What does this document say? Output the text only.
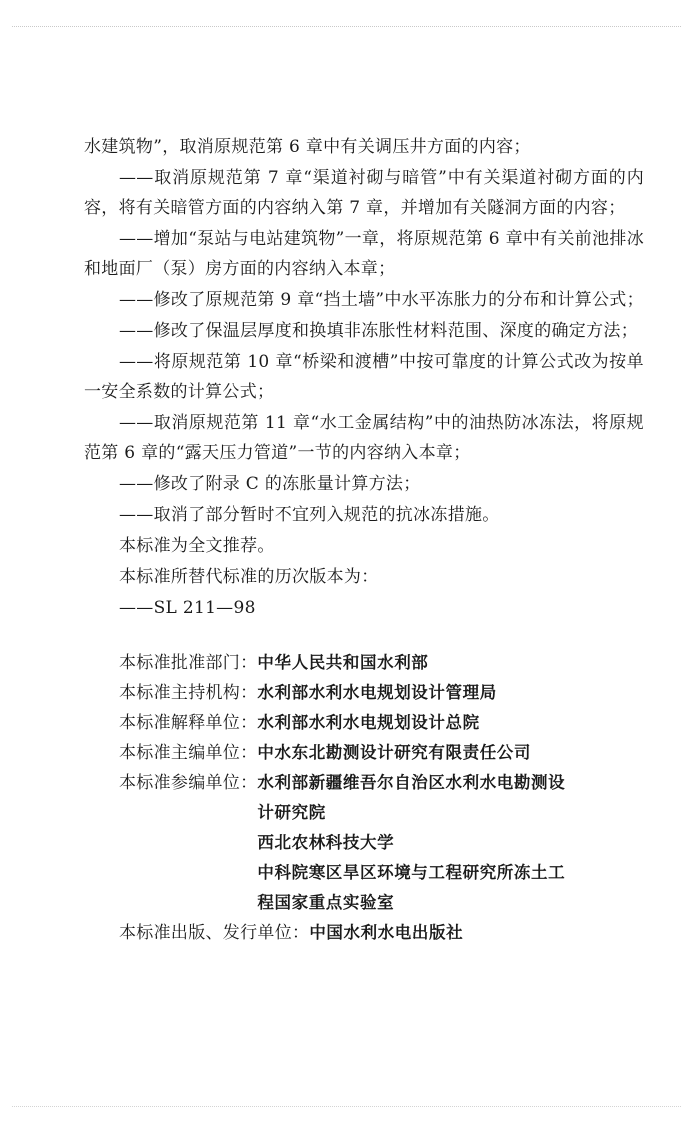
水建筑物”，取消原规范第 6 章中有关调压井方面的内容；

——取消原规范第 7 章“渠道衬砌与暗管”中有关渠道衬砌方面的内容，将有关暗管方面的内容纳入第 7 章，并增加有关隧洞方面的内容；

——增加“泵站与电站建筑物”一章，将原规范第 6 章中有关前池排冰和地面厂（泵）房方面的内容纳入本章；

——修改了原规范第 9 章“挡土墙”中水平冻胀力的分布和计算公式；

——修改了保温层厚度和换填非冻胀性材料范围、深度的确定方法；

——将原规范第 10 章“桥梁和渡槽”中按可靠度的计算公式改为按单一安全系数的计算公式；

——取消原规范第 11 章“水工金属结构”中的油热防冰冻法，将原规范第 6 章的“露天压力管道”一节的内容纳入本章；

——修改了附录 C 的冻胀量计算方法；

——取消了部分暂时不宜列入规范的抗冰冻措施。

本标准为全文推荐。

本标准所替代标准的历次版本为：

——SL 211—98

本标准批准部门： 中华人民共和国水利部
本标准主持机构： 水利部水利水电规划设计管理局
本标准解释单位： 水利部水利水电规划设计总院
本标准主编单位： 中水东北勘测设计研究有限责任公司
本标准参编单位： 水利部新疆维吾尔自治区水利水电勘测设
计研究院
西北农林科技大学
中科院寒区旱区环境与工程研究所冻土工
程国家重点实验室
本标准出版、发行单位： 中国水利水电出版社
